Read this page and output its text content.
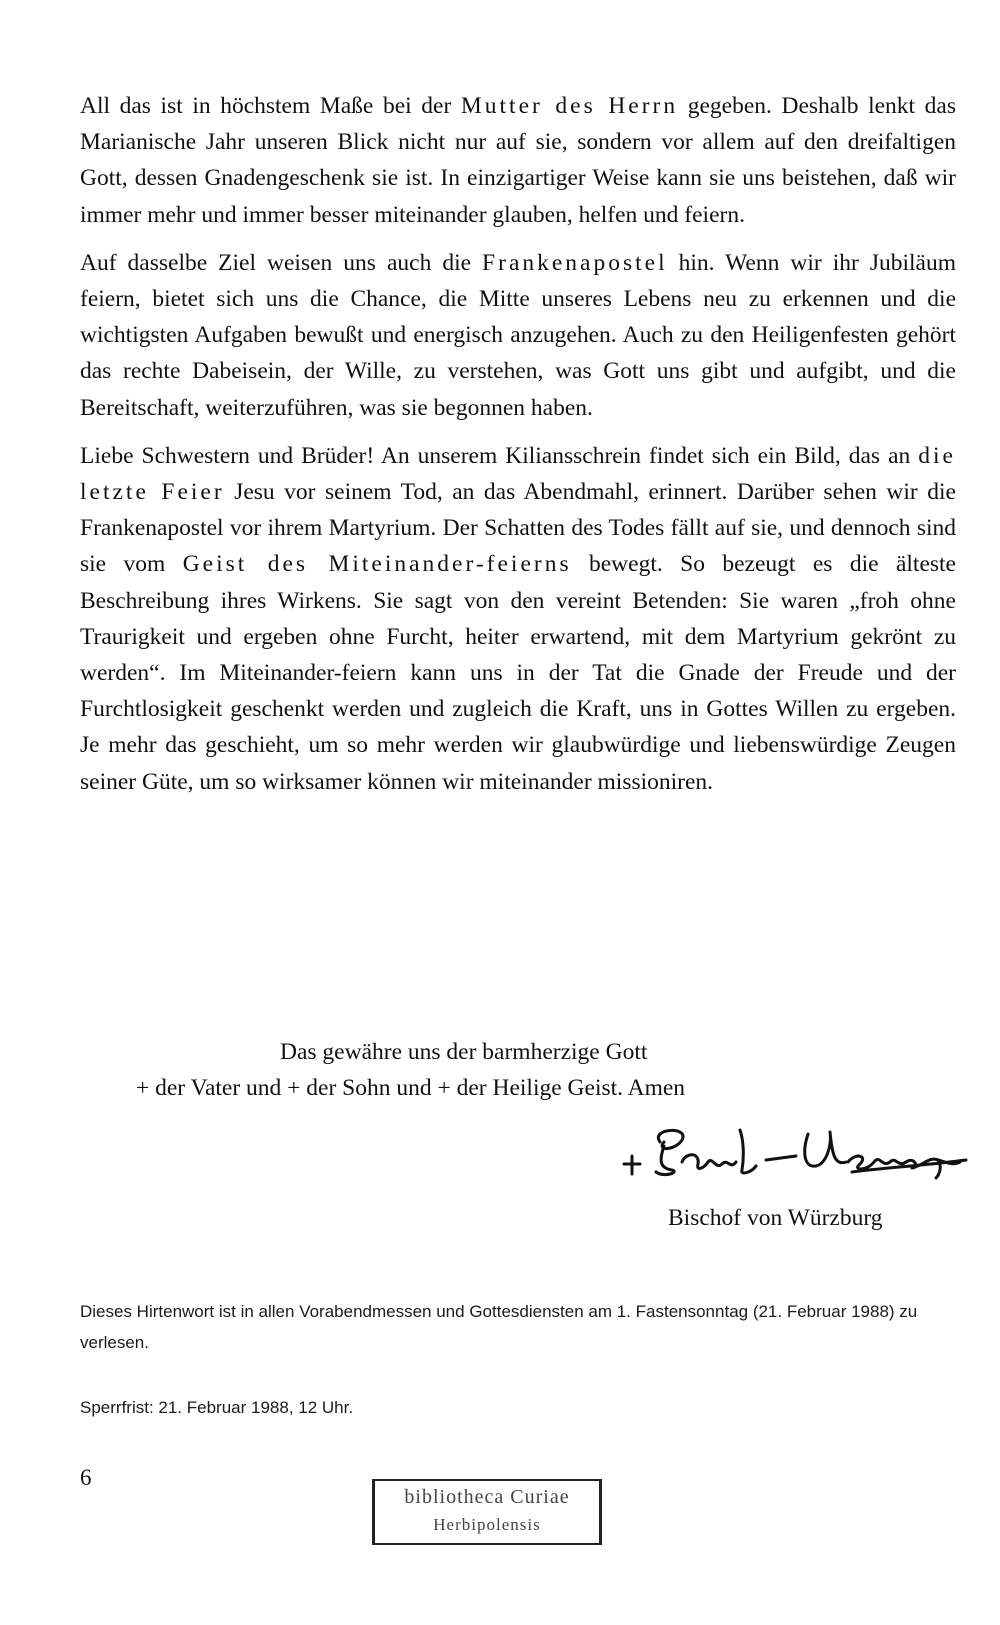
All das ist in höchstem Maße bei der Mutter des Herrn gegeben. Deshalb lenkt das Marianische Jahr unseren Blick nicht nur auf sie, sondern vor allem auf den dreifaltigen Gott, dessen Gnadengeschenk sie ist. In einzigartiger Weise kann sie uns beistehen, daß wir immer mehr und immer besser miteinander glauben, helfen und feiern.

Auf dasselbe Ziel weisen uns auch die Frankenapostel hin. Wenn wir ihr Jubiläum feiern, bietet sich uns die Chance, die Mitte unseres Lebens neu zu erkennen und die wichtigsten Aufgaben bewußt und energisch anzugehen. Auch zu den Heiligenfesten gehört das rechte Dabeisein, der Wille, zu verstehen, was Gott uns gibt und aufgibt, und die Bereitschaft, weiterzuführen, was sie begonnen haben.

Liebe Schwestern und Brüder! An unserem Kiliansschrein findet sich ein Bild, das an die letzte Feier Jesu vor seinem Tod, an das Abendmahl, erinnert. Darüber sehen wir die Frankenapostel vor ihrem Martyrium. Der Schatten des Todes fällt auf sie, und dennoch sind sie vom Geist des Miteinander-feierns bewegt. So bezeugt es die älteste Beschreibung ihres Wirkens. Sie sagt von den vereint Betenden: Sie waren „froh ohne Traurigkeit und ergeben ohne Furcht, heiter erwartend, mit dem Martyrium gekrönt zu werden“. Im Miteinander-feiern kann uns in der Tat die Gnade der Freude und der Furchtlosigkeit geschenkt werden und zugleich die Kraft, uns in Gottes Willen zu ergeben. Je mehr das geschieht, um so mehr werden wir glaubwürdige und liebenswürdige Zeugen seiner Güte, um so wirksamer können wir miteinander missioniren.

Das gewähre uns der barmherzige Gott
+ der Vater und + der Sohn und + der Heilige Geist. Amen
Bischof von Würzburg
Dieses Hirtenwort ist in allen Vorabendmessen und Gottesdiensten am 1. Fastensonntag (21. Februar 1988) zu verlesen.
Sperrfrist: 21. Februar 1988, 12 Uhr.
6
bibliotheca Curiae
Herbipolensis
